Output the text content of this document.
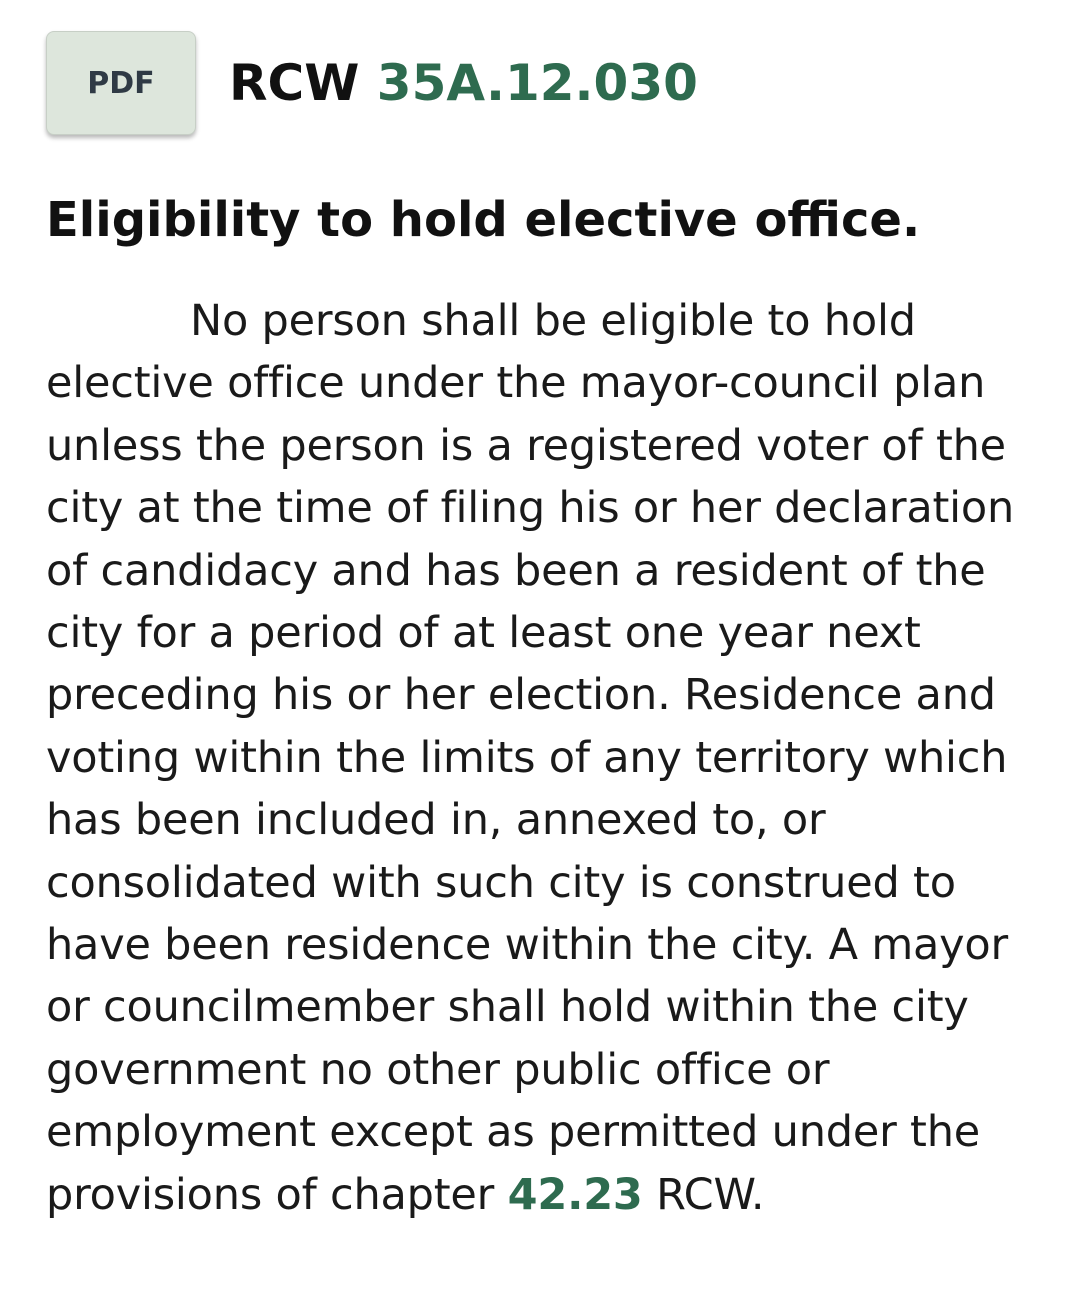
PDF	RCW 35A.12.030
Eligibility to hold elective office.

No person shall be eligible to hold elective office under the mayor-council plan unless the person is a registered voter of the city at the time of filing his or her declaration of candidacy and has been a resident of the city for a period of at least one year next preceding his or her election. Residence and voting within the limits of any territory which has been included in, annexed to, or consolidated with such city is construed to have been residence within the city. A mayor or councilmember shall hold within the city government no other public office or employment except as permitted under the provisions of chapter 42.23 RCW.
